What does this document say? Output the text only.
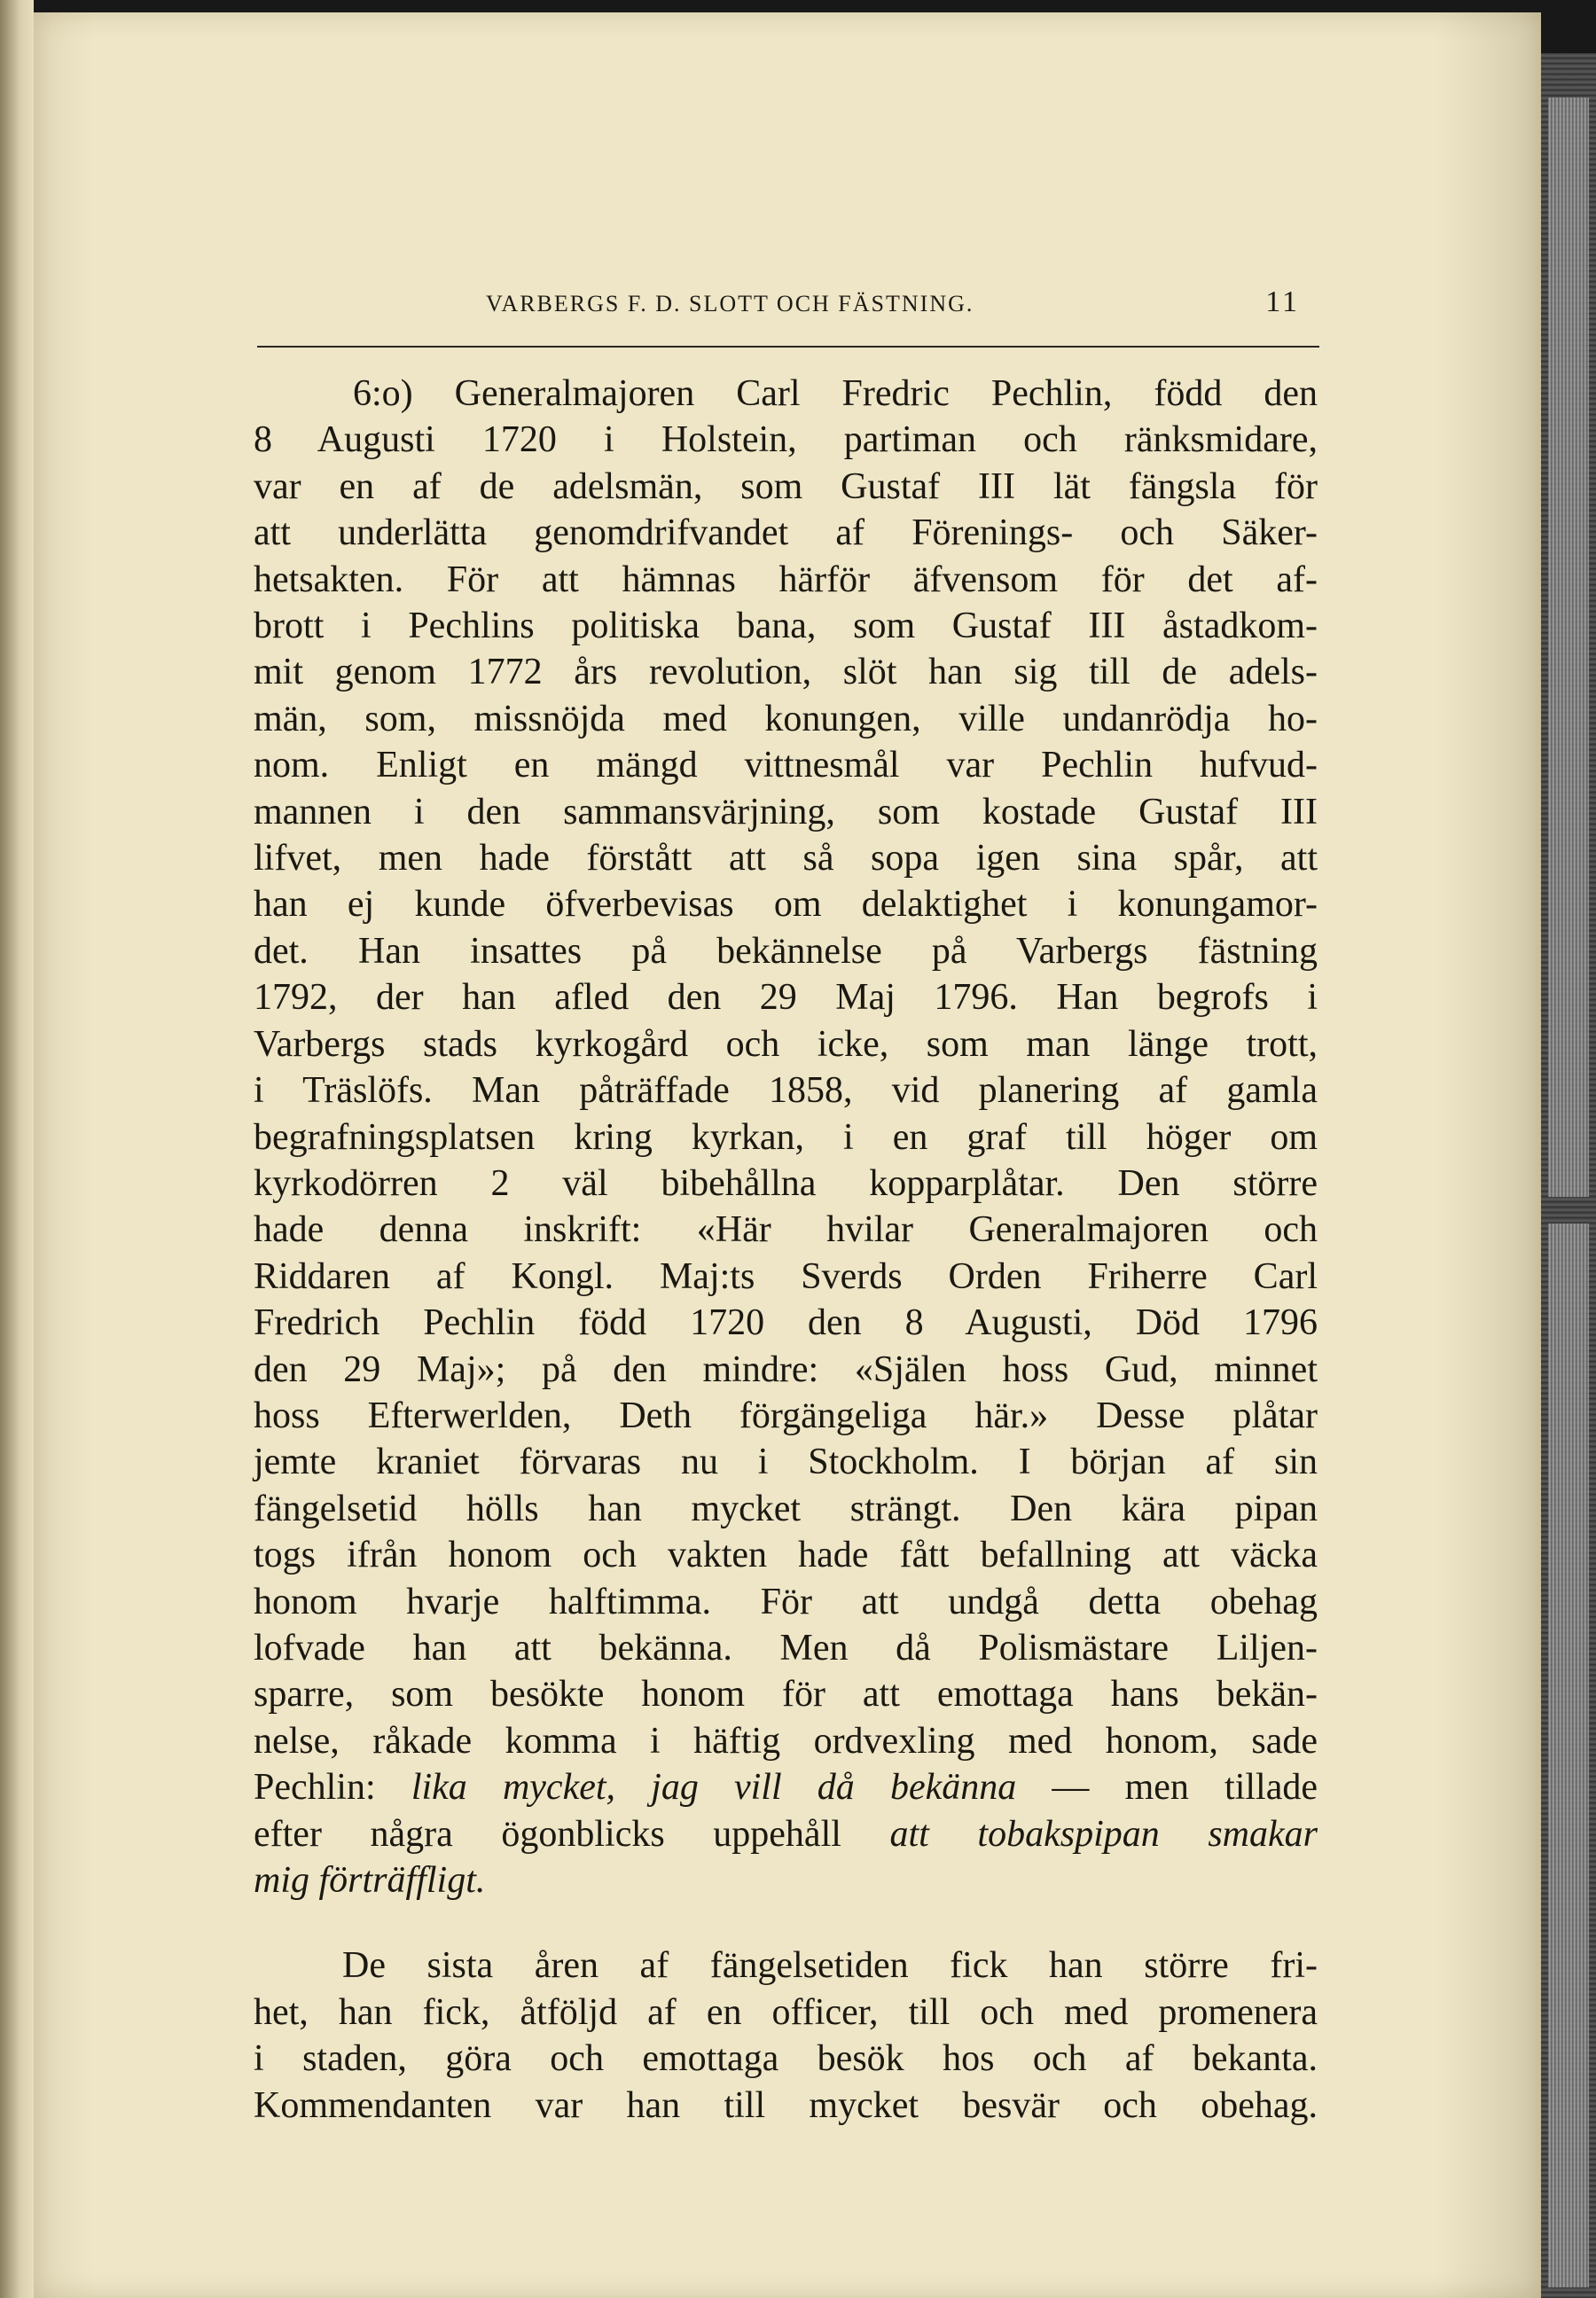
VARBERGS F. D. SLOTT OCH FÄSTNING.	11

6:o) Generalmajoren Carl Fredric Pechlin, född den

8 Augusti 1720 i Holstein, partiman och ränksmidare,

var en af de adelsmän, som Gustaf III lät fängsla för

att underlätta genomdrifvandet af Förenings- och Säker-

hetsakten. För att hämnas härför äfvensom för det af-

brott i Pechlins politiska bana, som Gustaf III åstadkom-

mit genom 1772 års revolution, slöt han sig till de adels-

män, som, missnöjda med konungen, ville undanrödja ho-

nom. Enligt en mängd vittnesmål var Pechlin hufvud-

mannen i den sammansvärjning, som kostade Gustaf III

lifvet, men hade förstått att så sopa igen sina spår, att

han ej kunde öfverbevisas om delaktighet i konungamor-

det. Han insattes på bekännelse på Varbergs fästning

1792, der han afled den 29 Maj 1796. Han begrofs i

Varbergs stads kyrkogård och icke, som man länge trott,

i Träslöfs. Man påträffade 1858, vid planering af gamla

begrafningsplatsen kring kyrkan, i en graf till höger om

kyrkodörren 2 väl bibehållna kopparplåtar. Den större

hade denna inskrift: «Här hvilar Generalmajoren och

Riddaren af Kongl. Maj:ts Sverds Orden Friherre Carl

Fredrich Pechlin född 1720 den 8 Augusti, Död 1796

den 29 Maj»; på den mindre: «Själen hoss Gud, minnet

hoss Efterwerlden, Deth förgängeliga här.» Desse plåtar

jemte kraniet förvaras nu i Stockholm. I början af sin

fängelsetid hölls han mycket strängt. Den kära pipan

togs ifrån honom och vakten hade fått befallning att väcka

honom hvarje halftimma. För att undgå detta obehag

lofvade han att bekänna. Men då Polismästare Liljen-

sparre, som besökte honom för att emottaga hans bekän-

nelse, råkade komma i häftig ordvexling med honom, sade

Pechlin: lika mycket, jag vill då bekänna — men tillade

efter några ögonblicks uppehåll att tobakspipan smakar

mig förträffligt.

De sista åren af fängelsetiden fick han större fri-

het, han fick, åtföljd af en officer, till och med promenera

i staden, göra och emottaga besök hos och af bekanta.

Kommendanten var han till mycket besvär och obehag.
